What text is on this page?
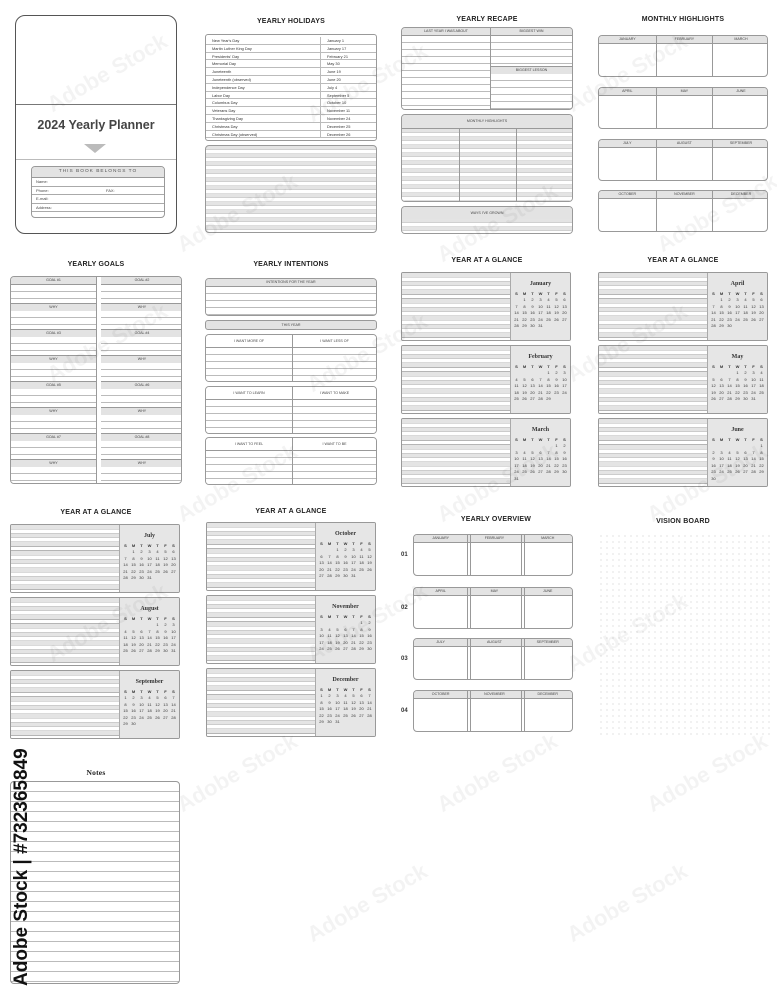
2024 Yearly Planner
THIS BOOK BELONGS TO
Name:
Phone:	FAX:
E-mail:
Address:
YEARLY HOLIDAYS
New Year's Day	January 1
Martin Luther King Day	January 17
Presidents' Day	February 21
Memorial Day	May 30
Juneteenth	June 19
Juneteenth (observed)	June 20
Independence Day	July 4
Labor Day	September 5
Columbus Day	October 10
Veterans Day	November 11
Thanksgiving Day	November 24
Christmas Day	December 25
Christmas Day (observed)	December 26
YEARLY RECAPE
LAST YEAR I WAS ABOUT	BIGGEST WIN
BIGGEST LESSON
MONTHLY HIGHLIGHTS
WAYS I'VE GROWN
MONTHLY HIGHLIGHTS
JANUARY	FEBRUARY	MARCH
APRIL	MAY	JUNE
JULY	AUGUST	SEPTEMBER
OCTOBER	NOVEMBER	DECEMBER
YEARLY GOALS
GOAL #1
WHY
GOAL #2
WHY
GOAL #3
WHY
GOAL #4
WHY
GOAL #5
WHY
GOAL #6
WHY
GOAL #7
WHY
GOAL #8
WHY
YEARLY INTENTIONS
INTENTIONS FOR THE YEAR
THIS YEAR
I WANT MORE OF	I WANT LESS OF
I WANT TO LEARN	I WANT TO MAKE
I WANT TO FEEL	I WANT TO BE
YEAR AT A GLANCE	YEAR AT A GLANCE
YEAR AT A GLANCE	YEAR AT A GLANCE
January
S	M	T	W	T	F	S
	1	2	3	4	5	6
7	8	9	10	11	12	13
14	15	16	17	18	19	20
21	22	23	24	25	26	27
28	29	30	31			
February
S	M	T	W	T	F	S
				1	2	3
4	5	6	7	8	9	10
11	12	13	14	15	16	17
18	19	20	21	22	23	24
25	26	27	28	29		
March
S	M	T	W	T	F	S
					1	2
3	4	5	6	7	8	9
10	11	12	13	14	15	16
17	18	19	20	21	22	23
24	25	26	27	28	29	30
31						
April
S	M	T	W	T	F	S
	1	2	3	4	5	6
7	8	9	10	11	12	13
14	15	16	17	18	19	20
21	22	23	24	25	26	27
28	29	30				
May
S	M	T	W	T	F	S
			1	2	3	4
5	6	7	8	9	10	11
12	13	14	15	16	17	18
19	20	21	22	23	24	25
26	27	28	29	30	31	
June
S	M	T	W	T	F	S
						1
2	3	4	5	6	7	8
9	10	11	12	13	14	15
16	17	18	19	20	21	22
23	24	25	26	27	28	29
30						
July
S	M	T	W	T	F	S
	1	2	3	4	5	6
7	8	9	10	11	12	13
14	15	16	17	18	19	20
21	22	23	24	25	26	27
28	29	30	31			
August
S	M	T	W	T	F	S
				1	2	3
4	5	6	7	8	9	10
11	12	13	14	15	16	17
18	19	20	21	22	23	24
25	26	27	28	29	30	31
September
S	M	T	W	T	F	S
1	2	3	4	5	6	7
8	9	10	11	12	13	14
15	16	17	18	19	20	21
22	23	24	25	26	27	28
29	30					
October
S	M	T	W	T	F	S
		1	2	3	4	5
6	7	8	9	10	11	12
13	14	15	16	17	18	19
20	21	22	23	24	25	26
27	28	29	30	31		
November
S	M	T	W	T	F	S
					1	2
3	4	5	6	7	8	9
10	11	12	13	14	15	16
17	18	19	20	21	22	23
24	25	26	27	28	29	30
December
S	M	T	W	T	F	S
1	2	3	4	5	6	7
8	9	10	11	12	13	14
15	16	17	18	19	20	21
22	23	24	25	26	27	28
29	30	31				
YEARLY OVERVIEW
01
JANUARY	FEBRUARY	MARCH
02
APRIL	MAY	JUNE
03
JULY	AUGUST	SEPTEMBER
04
OCTOBER	NOVEMBER	DECEMBER
VISION BOARD
Notes
Adobe Stock | #732365849
